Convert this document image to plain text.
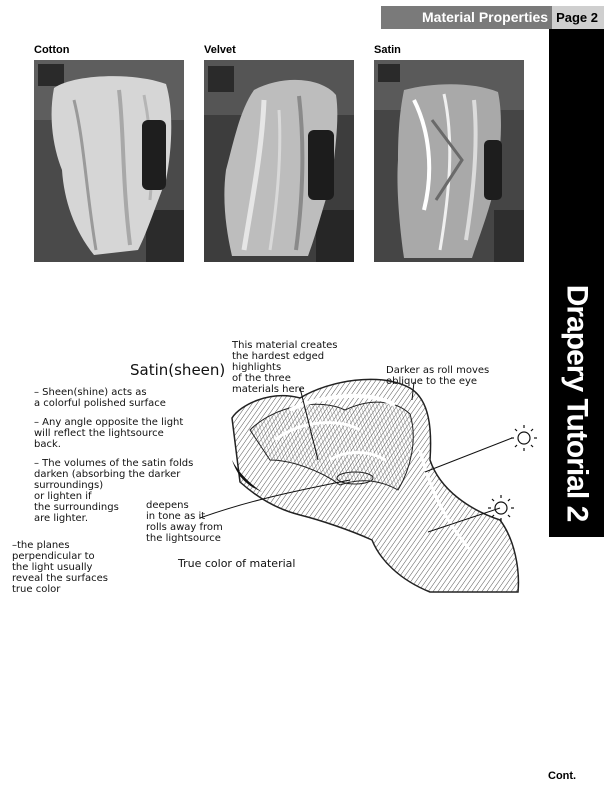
Material Properties Page 2
Drapery Tutorial 2
Cotton	Velvet	Satin
Satin(sheen)
– Sheen(shine) acts as
a colorful polished surface
– Any angle opposite the light
will reflect the lightsource
back.
– The volumes of the satin folds
darken (absorbing the darker
surroundings)
or lighten if
the surroundings
are lighter.
–the planes
perpendicular to
the light usually
reveal the surfaces
true color
This material creates
the hardest edged
highlights
of the three
materials here
Darker as roll moves
oblique to the eye
deepens
in tone as it
rolls away from
the lightsource
True color of material
Cont.
